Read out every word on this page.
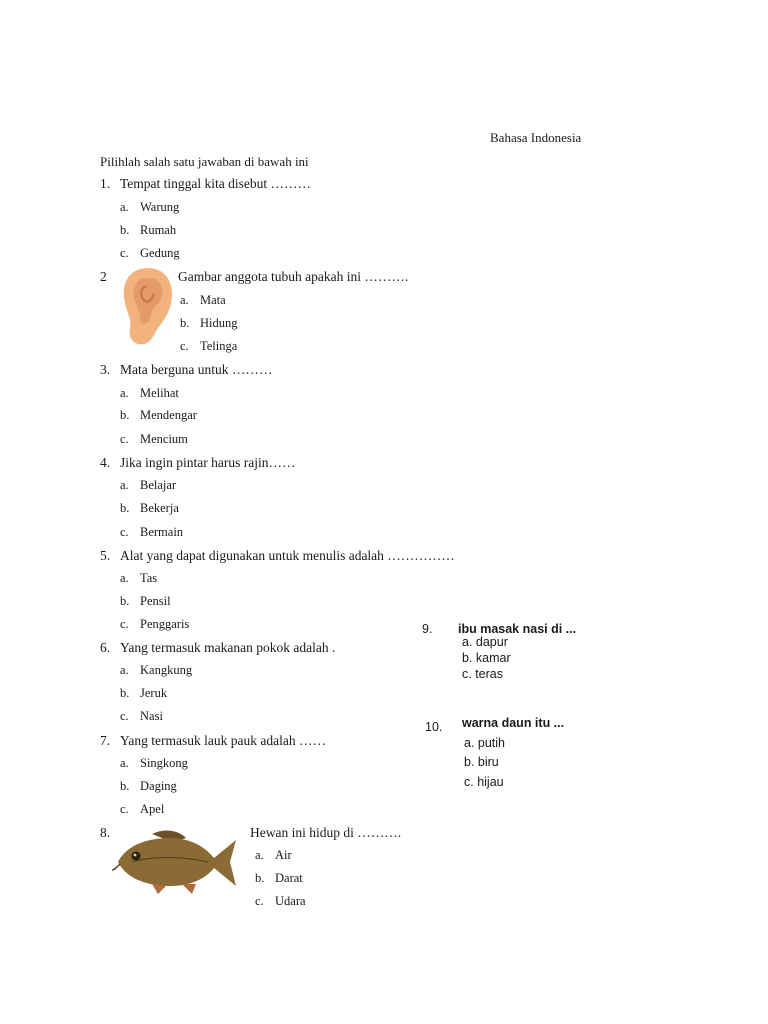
Bahasa Indonesia
Pilihlah salah satu jawaban di bawah ini
1. Tempat tinggal kita disebut ………
a. Warung
b. Rumah
c. Gedung
2	Gambar anggota tubuh apakah ini ……….
a. Mata
b. Hidung
c. Telinga
3. Mata berguna untuk ………
a. Melihat
b. Mendengar
c. Mencium
4. Jika ingin pintar harus rajin……
a. Belajar
b. Bekerja
c. Bermain
5. Alat yang dapat digunakan untuk menulis adalah ……………
a. Tas
b. Pensil
c. Penggaris
6. Yang termasuk makanan pokok adalah .
a. Kangkung
b. Jeruk
c. Nasi
7. Yang termasuk lauk pauk adalah ……
a. Singkong
b. Daging
c. Apel
8.	Hewan ini hidup di ……….
a. Air
b. Darat
c. Udara
9. ibu masak nasi di ...
a. dapur
b. kamar
c. teras
10. warna daun itu ...
a. putih
b. biru
c. hijau
